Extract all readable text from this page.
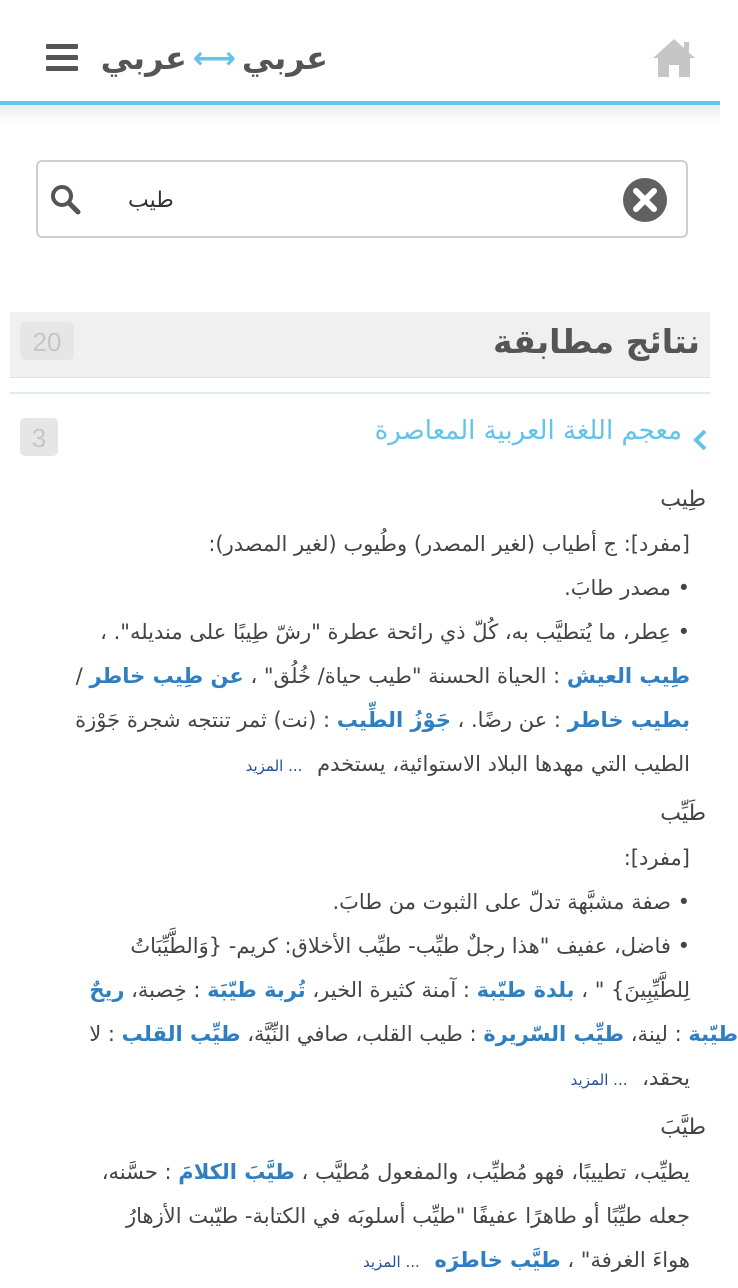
عربي
⟷
عربي
طيب
نتائج مطابقة
20
معجم اللغة العربية المعاصرة
3
طِيب

[مفرد]: ج أطياب (لغير المصدر) وطُيوب (لغير المصدر):

• مصدر طابَ.

• عِطر، ما يُتطيَّب به، كُلّ ذي رائحة عطرة "رشّ طِيبًا على منديله". ،

طِيب العيش : الحياة الحسنة "طيب حياة/ خُلُق" ، عن طِيب خاطر /

بطيب خاطر : عن رضًا. ، جَوْزُ الطِّيب : (نت) ثمر تنتجه شجرة جَوْزة

الطيب التي مهدها البلاد الاستوائية، يستخدم ... المزيد

طَيِّب

[مفرد]:

• صفة مشبَّهة تدلّ على الثبوت من طابَ.

• فاضل، عفيف "هذا رجلٌ طيِّب- طيِّب الأخلاق: كريم- {وَالطَّيِّبَاتُ

لِلطَّيِّبِينَ} " ، بلدة طيّبة : آمنة كثيرة الخير، تُربة طيّبَة : خِصبة، ريحٌ

طيّبة : لينة، طيِّب السّريرة : طيب القلب، صافي النِّيَّة، طيِّب القلب : لا

يحقد، ... المزيد

طيَّبَ

يطيِّب، تطييبًا، فهو مُطيِّب، والمفعول مُطيَّب ، طيَّبَ الكلامَ : حسَّنه،

جعله طيِّبًا أو طاهرًا عفيفًا "طيِّب أسلوبَه في الكتابة- طيّبت الأزهارُ

هواءَ الغرفة" ، طيَّب خاطرَه ... المزيد
